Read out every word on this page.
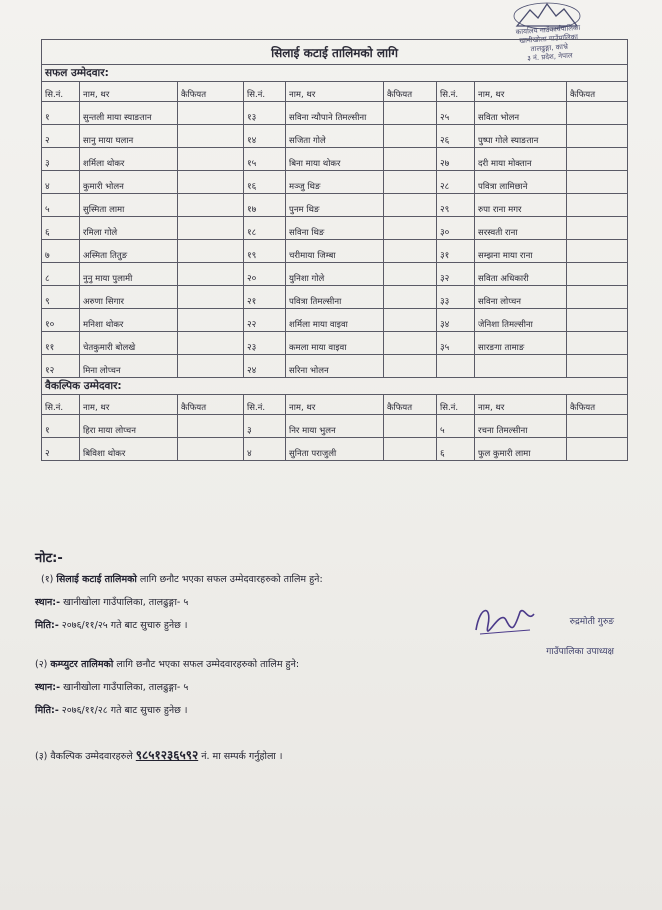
कार्यालय गाउँकार्यपालिका
खानीखोला गाउँपालिका
तालढुङ्गा, काभ्रे
३ नं. प्रदेश, नेपाल
सिलाई कटाई तालिमको लागि								
सफल उम्मेदवार:								
सि.नं.	नाम, थर	कैफियत	सि.नं.	नाम, थर	कैफियत	सि.नं.	नाम, थर	कैफियत
१	सुन्तली माया स्याङतान		१३	सविना न्यौपाने तिमल्सीना		२५	सविता भोलन	
२	सानु माया घलान		१४	सजिता गोले		२६	पुष्पा गोले स्याङतान	
३	शर्मिला थोकर		१५	बिना माया थोकर		२७	दरी माया मोक्तान	
४	कुमारी भोलन		१६	मञ्जु थिङ		२८	पवित्रा लामिछाने	
५	सुस्मिता लामा		१७	पुनम थिङ		२९	रुपा राना मगर	
६	रमिला गोले		१८	सविना थिङ		३०	सरस्वती राना	
७	अस्मिता तितुङ		१९	चरीमाया जिम्बा		३१	सम्झना माया राना	
८	नुनु माया पुलामी		२०	युनिशा गोले		३२	सविता अधिकारी	
९	अरुणा सिगार		२१	पवित्रा तिमल्सीना		३३	सविना लोप्चन	
१०	मनिशा थोकर		२२	शर्मिला माया वाइवा		३४	जेनिशा तिमल्सीना	
११	चेतकुमारी बोलखे		२३	कमला माया वाइवा		३५	सारङगा तामाङ	
१२	मिना लोप्चन		२४	सरिना भोलन				
वैकल्पिक उम्मेदवार:								
सि.नं.	नाम, थर	कैफियत	सि.नं.	नाम, थर	कैफियत	सि.नं.	नाम, थर	कैफियत
१	हिरा माया लोप्चन		३	निर माया भुलन		५	रचना तिमल्सीना	
२	बिविशा थोकर		४	सुनिता पराजुली		६	फुल कुमारी लामा	
नोट:-

(१) सिलाई कटाई तालिमको लागि छनौट भएका सफल उम्मेदवारहरुको तालिम हुने:

स्थान:- खानीखोला गाउँपालिका, तालढुङ्गा- ५

मिति:- २०७६/११/२५ गते बाट सुचारु हुनेछ ।

(२) कम्प्युटर तालिमको लागि छनौट भएका सफल उम्मेदवारहरुको तालिम हुने:

स्थान:- खानीखोला गाउँपालिका, तालढुङ्गा- ५

मिति:- २०७६/११/२८ गते बाट सुचारु हुनेछ ।

(३) वैकल्पिक उम्मेदवारहरुले ९८५१२३६५९२ नं. मा सम्पर्क गर्नुहोला ।

रुद्रमोती गुरुङ
गाउँपालिका उपाध्यक्ष
